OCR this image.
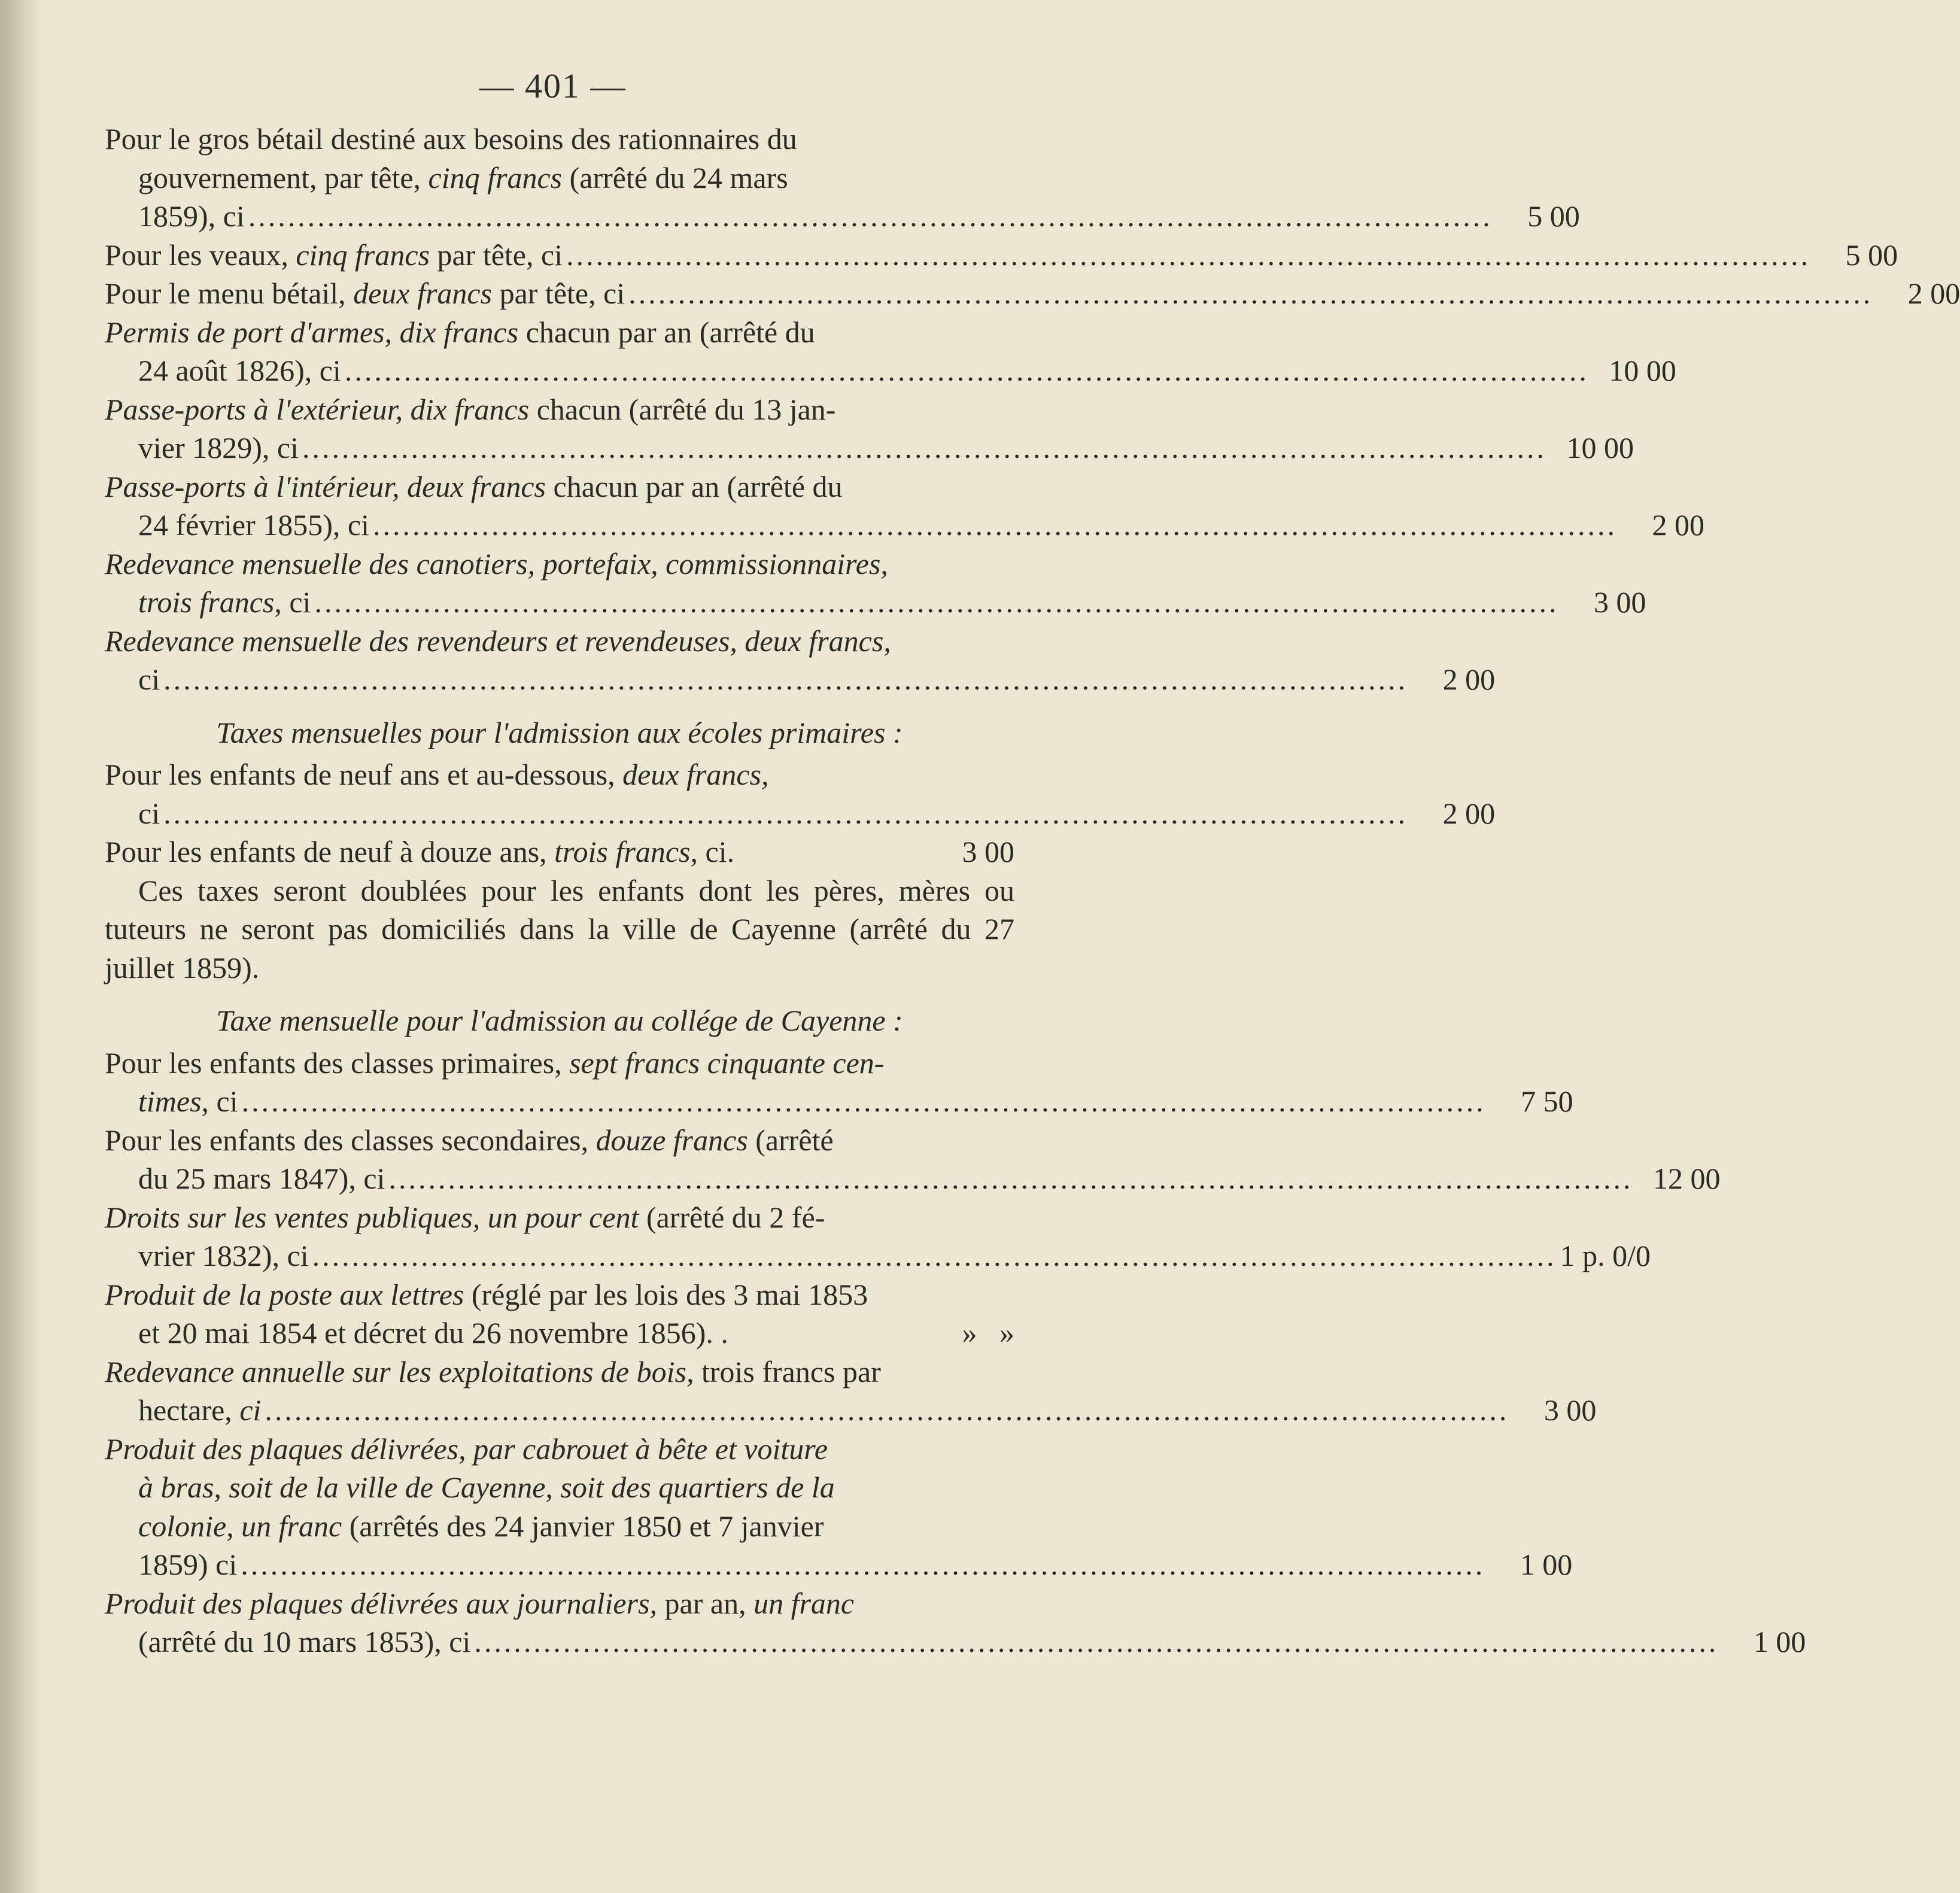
— 401 —
Pour le gros bétail destiné aux besoins des rationnaires du
gouvernement, par tête, cinq francs (arrêté du 24 mars
1859), ci ..............................................................................................................................	5 00
Pour les veaux, cinq francs par tête, ci ..............................................................................................................................	5 00
Pour le menu bétail, deux francs par tête, ci ..............................................................................................................................	2 00
Permis de port d'armes, dix francs chacun par an (arrêté du
24 août 1826), ci .............................................................................................................................. 10 00
Passe-ports à l'extérieur, dix francs chacun (arrêté du 13 jan-
vier 1829), ci .............................................................................................................................. 10 00
Passe-ports à l'intérieur, deux francs chacun par an (arrêté du
24 février 1855), ci ..............................................................................................................................	2 00
Redevance mensuelle des canotiers, portefaix, commissionnaires,
trois francs, ci ..............................................................................................................................	3 00
Redevance mensuelle des revendeurs et revendeuses, deux francs,
ci ..............................................................................................................................	2 00
Taxes mensuelles pour l'admission aux écoles primaires :
Pour les enfants de neuf ans et au-dessous, deux francs,
ci ..............................................................................................................................	2 00
Pour les enfants de neuf à douze ans, trois francs, ci.	3 00
Ces taxes seront doublées pour les enfants dont les pères, mères ou tuteurs ne seront pas domiciliés dans la ville de Cayenne (arrêté du 27 juillet 1859).
Taxe mensuelle pour l'admission au collége de Cayenne :
Pour les enfants des classes primaires, sept francs cinquante cen-
times, ci ..............................................................................................................................	7 50
Pour les enfants des classes secondaires, douze francs (arrêté
du 25 mars 1847), ci .............................................................................................................................. 12 00
Droits sur les ventes publiques, un pour cent (arrêté du 2 fé-
vrier 1832), ci .............................................................................................................................. 1 p. 0/0
Produit de la poste aux lettres (réglé par les lois des 3 mai 1853
et 20 mai 1854 et décret du 26 novembre 1856). .	»   »
Redevance annuelle sur les exploitations de bois, trois francs par
hectare, ci ..............................................................................................................................	3 00
Produit des plaques délivrées, par cabrouet à bête et voiture
à bras, soit de la ville de Cayenne, soit des quartiers de la
colonie, un franc (arrêtés des 24 janvier 1850 et 7 janvier
1859) ci ..............................................................................................................................	1 00
Produit des plaques délivrées aux journaliers, par an, un franc
(arrêté du 10 mars 1853), ci ..............................................................................................................................	1 00
